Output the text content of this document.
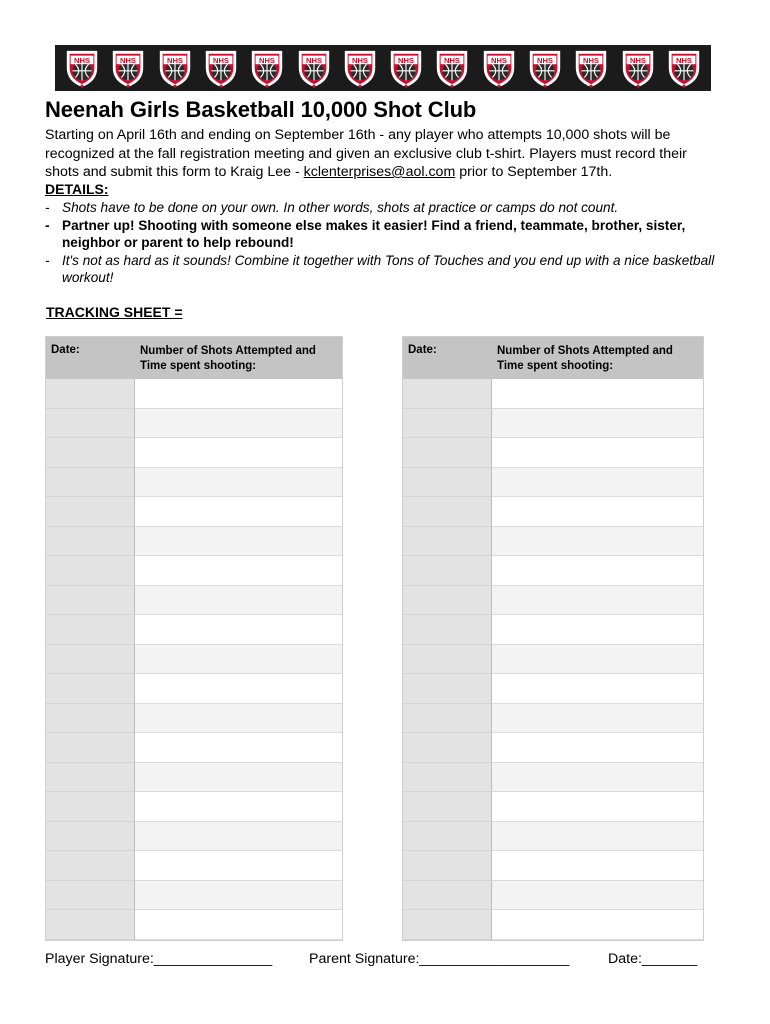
NHS	NHS	NHS	NHS	NHS	NHS	NHS	NHS	NHS	NHS	NHS	NHS	NHS	NHS
Neenah Girls Basketball 10,000 Shot Club

Starting on April 16th and ending on September 16th - any player who attempts 10,000 shots will be recognized at the fall registration meeting and given an exclusive club t-shirt. Players must record their shots and submit this form to Kraig Lee - kclenterprises@aol.com prior to September 17th.

DETAILS:
- Shots have to be done on your own. In other words, shots at practice or camps do not count.
- Partner up! Shooting with someone else makes it easier! Find a friend, teammate, brother, sister, neighbor or parent to help rebound!
- It's not as hard as it sounds! Combine it together with Tons of Touches and you end up with a nice basketball workout!
TRACKING SHEET =
Date:	Number of Shots Attempted and Time spent shooting:
Date:	Number of Shots Attempted and Time spent shooting:
Player Signature:_______________	Parent Signature:___________________	Date:_______
